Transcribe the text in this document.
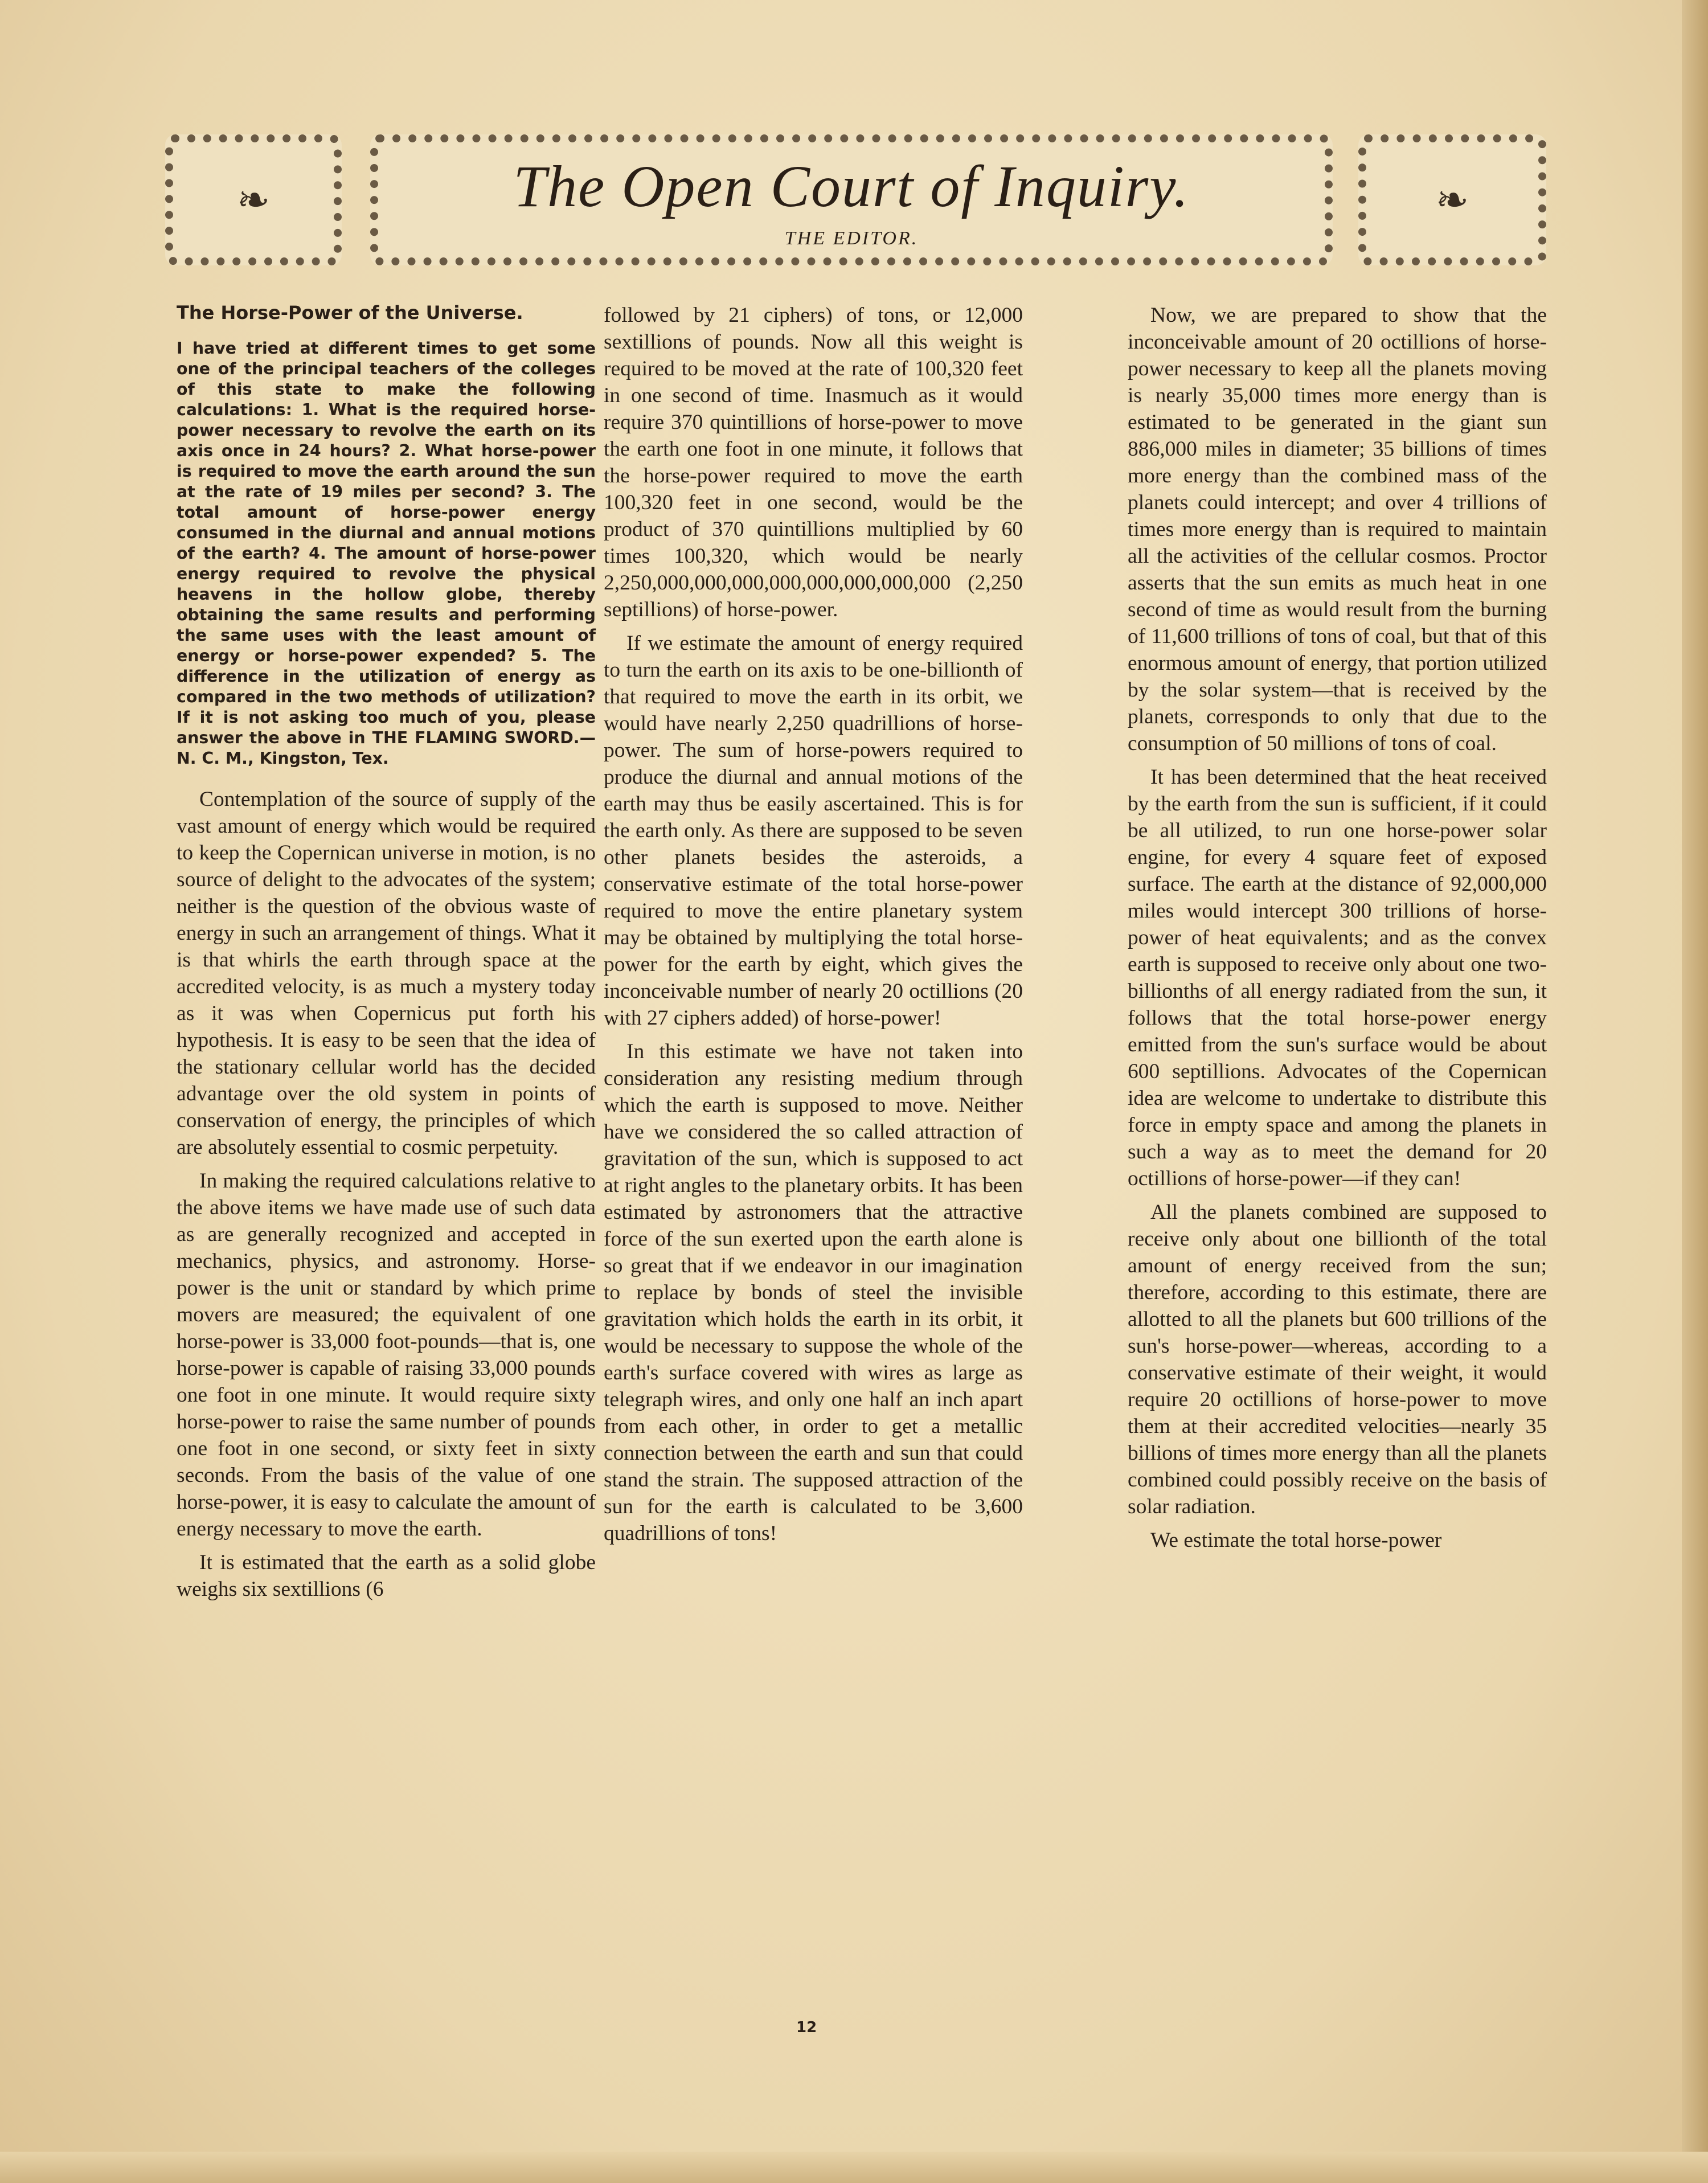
❧	The Open Court of Inquiry.
THE EDITOR.
❧
The Horse-Power of the Universe.
I have tried at different times to get some one of the principal teachers of the colleges of this state to make the following calculations: 1. What is the required horse-power necessary to revolve the earth on its axis once in 24 hours? 2. What horse-power is required to move the earth around the sun at the rate of 19 miles per second? 3. The total amount of horse-power energy consumed in the diurnal and annual motions of the earth? 4. The amount of horse-power energy required to revolve the physical heavens in the hollow globe, thereby obtaining the same results and performing the same uses with the least amount of energy or horse-power expended? 5. The difference in the utilization of energy as compared in the two methods of utilization? If it is not asking too much of you, please answer the above in THE FLAMING SWORD.—N. C. M., Kingston, Tex.

Contemplation of the source of supply of the vast amount of energy which would be required to keep the Copernican universe in motion, is no source of delight to the advocates of the system; neither is the question of the obvious waste of energy in such an arrangement of things. What it is that whirls the earth through space at the accredited velocity, is as much a mystery today as it was when Copernicus put forth his hypothesis. It is easy to be seen that the idea of the stationary cellular world has the decided advantage over the old system in points of conservation of energy, the principles of which are absolutely essential to cosmic perpetuity.

In making the required calculations relative to the above items we have made use of such data as are generally recognized and accepted in mechanics, physics, and astronomy. Horse-power is the unit or standard by which prime movers are measured; the equivalent of one horse-power is 33,000 foot-pounds—that is, one horse-power is capable of raising 33,000 pounds one foot in one minute. It would require sixty horse-power to raise the same number of pounds one foot in one second, or sixty feet in sixty seconds. From the basis of the value of one horse-power, it is easy to calculate the amount of energy necessary to move the earth.

It is estimated that the earth as a solid globe weighs six sextillions (6

followed by 21 ciphers) of tons, or 12,000 sextillions of pounds. Now all this weight is required to be moved at the rate of 100,320 feet in one second of time. Inasmuch as it would require 370 quintillions of horse-power to move the earth one foot in one minute, it follows that the horse-power required to move the earth 100,320 feet in one second, would be the product of 370 quintillions multiplied by 60 times 100,320, which would be nearly 2,250,000,000,000,000,000,000,000,000 (2,250 septillions) of horse-power.

If we estimate the amount of energy required to turn the earth on its axis to be one-billionth of that required to move the earth in its orbit, we would have nearly 2,250 quadrillions of horse-power. The sum of horse-powers required to produce the diurnal and annual motions of the earth may thus be easily ascertained. This is for the earth only. As there are supposed to be seven other planets besides the asteroids, a conservative estimate of the total horse-power required to move the entire planetary system may be obtained by multiplying the total horse-power for the earth by eight, which gives the inconceivable number of nearly 20 octillions (20 with 27 ciphers added) of horse-power!

In this estimate we have not taken into consideration any resisting medium through which the earth is supposed to move. Neither have we considered the so called attraction of gravitation of the sun, which is supposed to act at right angles to the planetary orbits. It has been estimated by astronomers that the attractive force of the sun exerted upon the earth alone is so great that if we endeavor in our imagination to replace by bonds of steel the invisible gravitation which holds the earth in its orbit, it would be necessary to suppose the whole of the earth's surface covered with wires as large as telegraph wires, and only one half an inch apart from each other, in order to get a metallic connection between the earth and sun that could stand the strain. The supposed attraction of the sun for the earth is calculated to be 3,600 quadrillions of tons!

Now, we are prepared to show that the inconceivable amount of 20 octillions of horse-power necessary to keep all the planets moving is nearly 35,000 times more energy than is estimated to be generated in the giant sun 886,000 miles in diameter; 35 billions of times more energy than the combined mass of the planets could intercept; and over 4 trillions of times more energy than is required to maintain all the activities of the cellular cosmos. Proctor asserts that the sun emits as much heat in one second of time as would result from the burning of 11,600 trillions of tons of coal, but that of this enormous amount of energy, that portion utilized by the solar system—that is received by the planets, corresponds to only that due to the consumption of 50 millions of tons of coal.

It has been determined that the heat received by the earth from the sun is sufficient, if it could be all utilized, to run one horse-power solar engine, for every 4 square feet of exposed surface. The earth at the distance of 92,000,000 miles would intercept 300 trillions of horse-power of heat equivalents; and as the convex earth is supposed to receive only about one two-billionths of all energy radiated from the sun, it follows that the total horse-power energy emitted from the sun's surface would be about 600 septillions. Advocates of the Copernican idea are welcome to undertake to distribute this force in empty space and among the planets in such a way as to meet the demand for 20 octillions of horse-power—if they can!

All the planets combined are supposed to receive only about one billionth of the total amount of energy received from the sun; therefore, according to this estimate, there are allotted to all the planets but 600 trillions of the sun's horse-power—whereas, according to a conservative estimate of their weight, it would require 20 octillions of horse-power to move them at their accredited velocities—nearly 35 billions of times more energy than all the planets combined could possibly receive on the basis of solar radiation.

We estimate the total horse-power

12
